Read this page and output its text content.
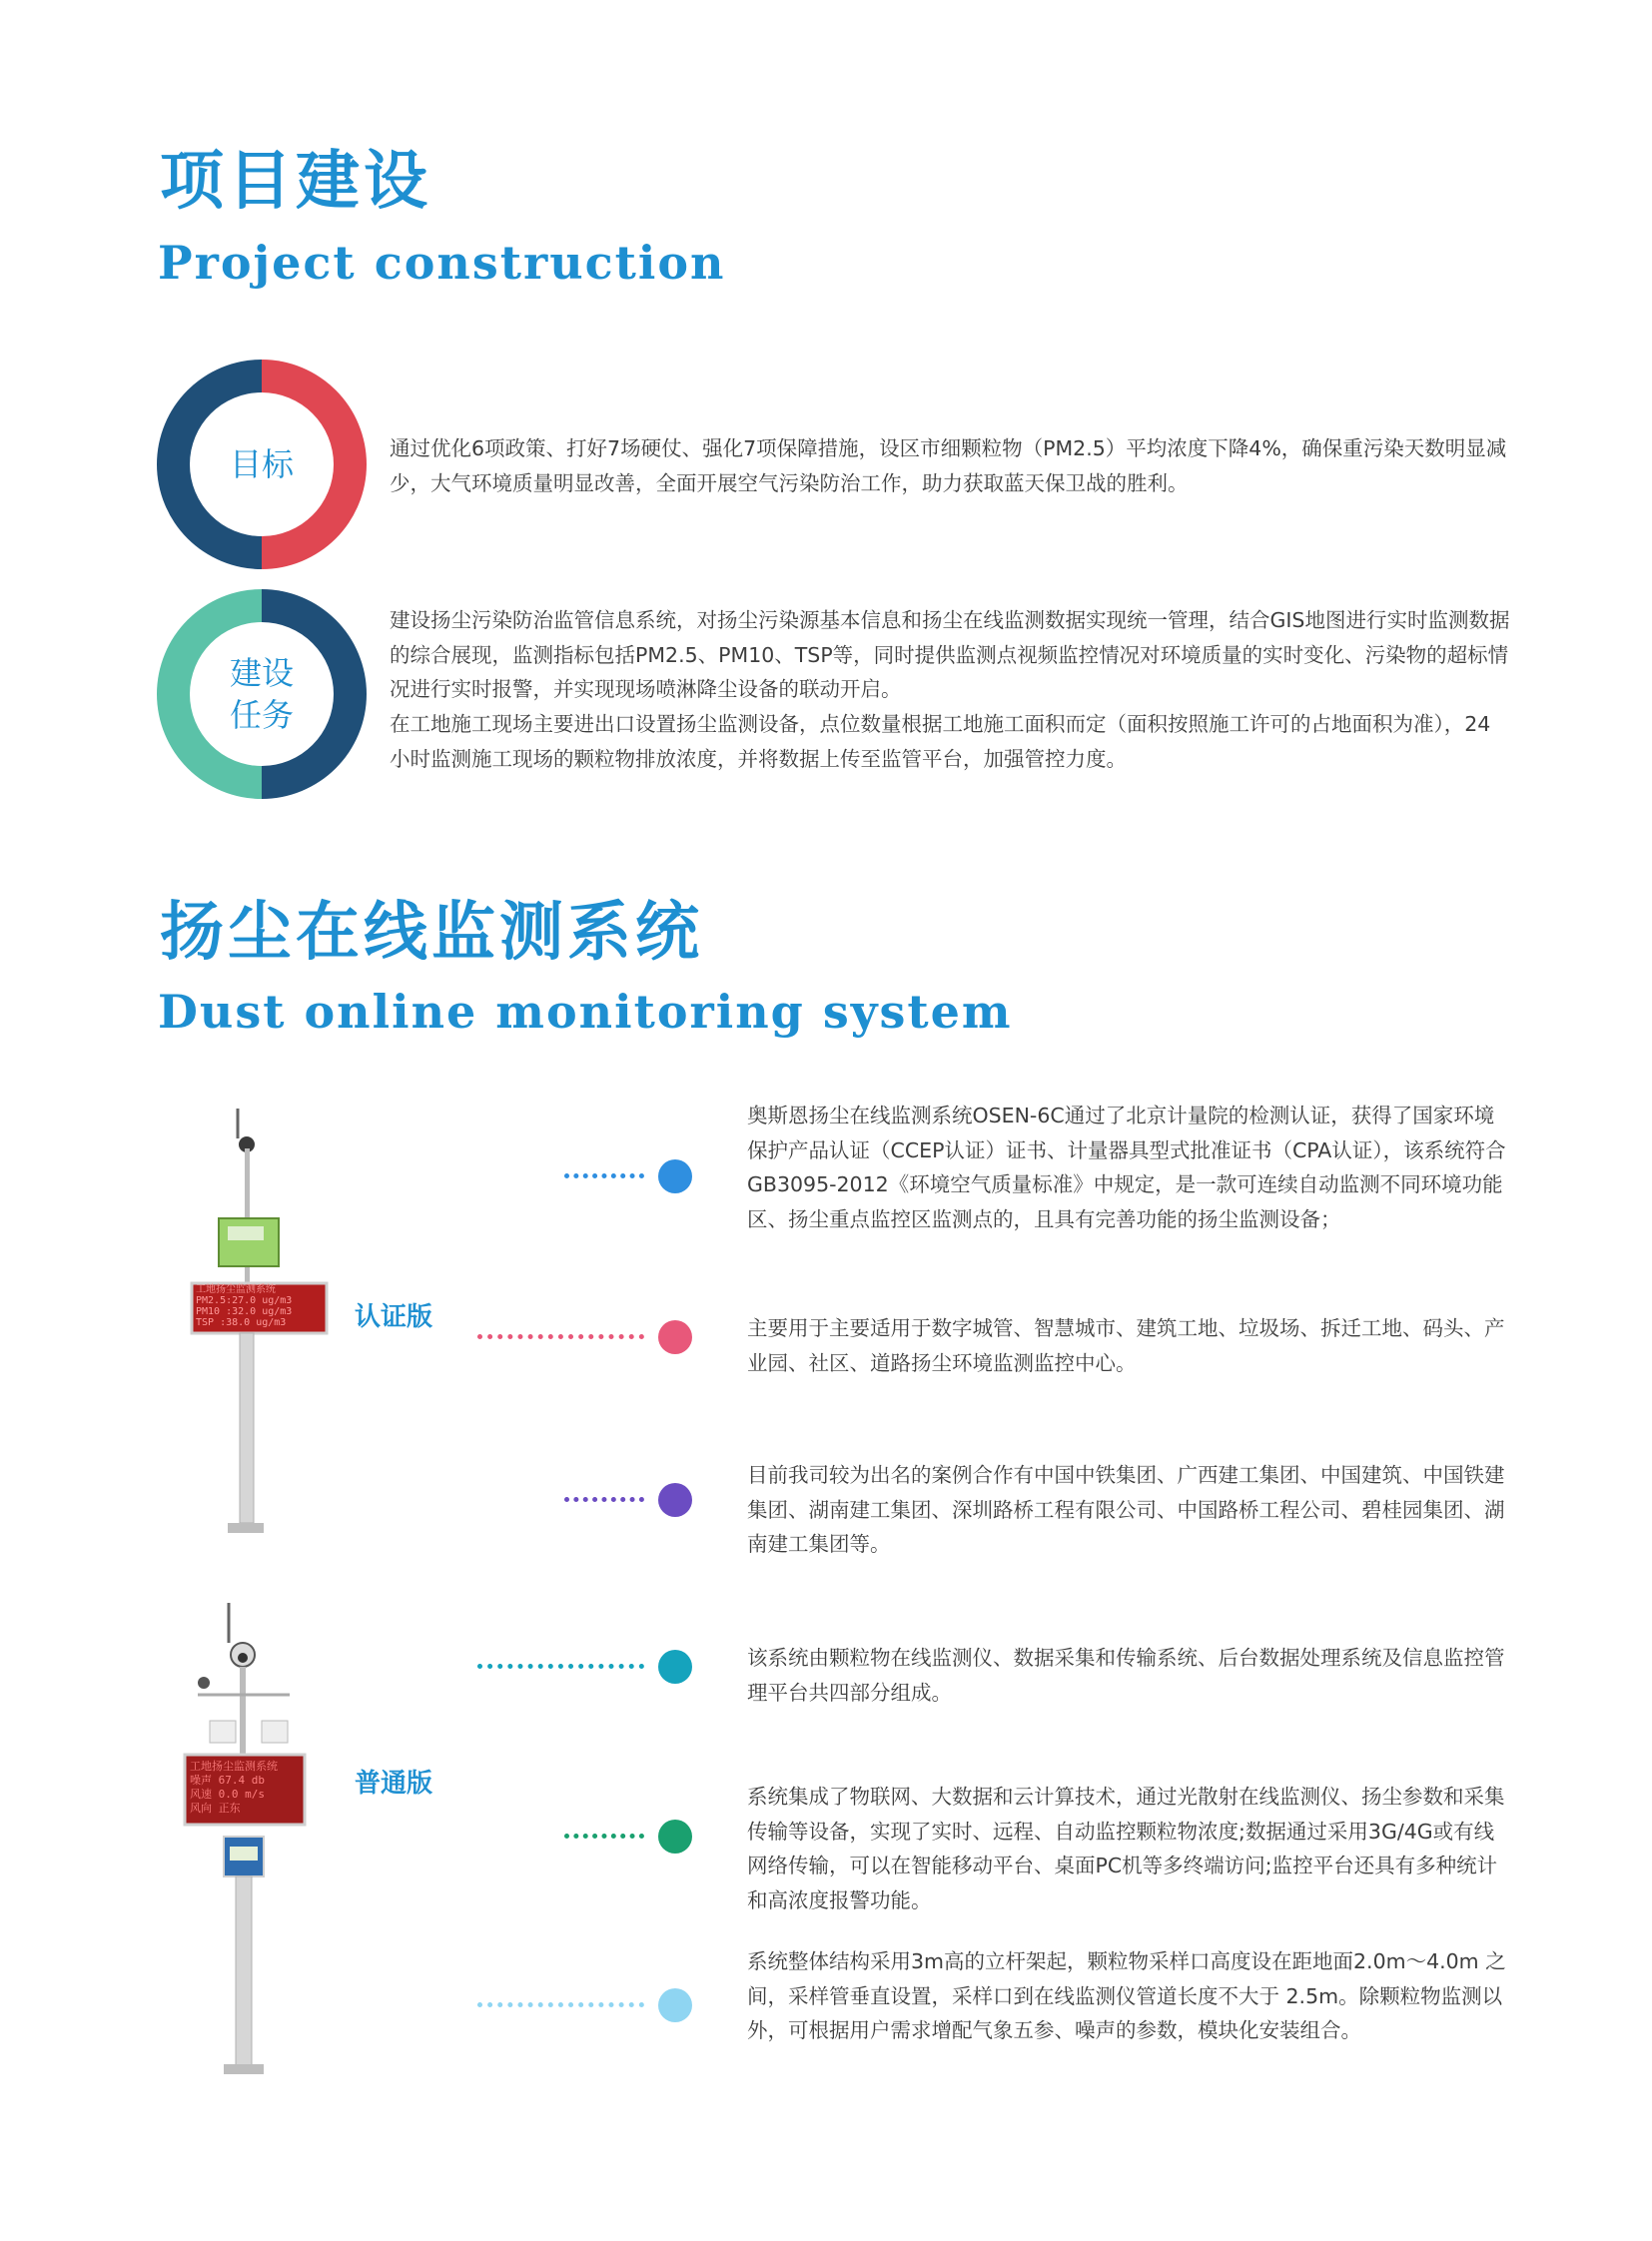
项目建设
Project construction
目标	通过优化6项政策、打好7场硬仗、强化7项保障措施，设区市细颗粒物（PM2.5）平均浓度下降4%，确保重污染天数明显减少，大气环境质量明显改善，全面开展空气污染防治工作，助力获取蓝天保卫战的胜利。

建设
任务

建设扬尘污染防治监管信息系统，对扬尘污染源基本信息和扬尘在线监测数据实现统一管理，结合GIS地图进行实时监测数据的综合展现，监测指标包括PM2.5、PM10、TSP等，同时提供监测点视频监控情况对环境质量的实时变化、污染物的超标情况进行实时报警，并实现现场喷淋降尘设备的联动开启。

在工地施工现场主要进出口设置扬尘监测设备，点位数量根据工地施工面积而定（面积按照施工许可的占地面积为准），24小时监测施工现场的颗粒物排放浓度，并将数据上传至监管平台，加强管控力度。

扬尘在线监测系统
Dust online monitoring system
工地扬尘监测系统
PM2.5:27.0 ug/m3
PM10 :32.0 ug/m3
TSP :38.0 ug/m3	认证版
工地扬尘监测系统
噪声 67.4 db
风速 0.0 m/s
风向 正东
普通版

奥斯恩扬尘在线监测系统OSEN-6C通过了北京计量院的检测认证，获得了国家环境保护产品认证（CCEP认证）证书、计量器具型式批准证书（CPA认证），该系统符合GB3095-2012《环境空气质量标准》中规定，是一款可连续自动监测不同环境功能区、扬尘重点监控区监测点的，且具有完善功能的扬尘监测设备；

主要用于主要适用于数字城管、智慧城市、建筑工地、垃圾场、拆迁工地、码头、产业园、社区、道路扬尘环境监测监控中心。

目前我司较为出名的案例合作有中国中铁集团、广西建工集团、中国建筑、中国铁建集团、湖南建工集团、深圳路桥工程有限公司、中国路桥工程公司、碧桂园集团、湖南建工集团等。

该系统由颗粒物在线监测仪、数据采集和传输系统、后台数据处理系统及信息监控管理平台共四部分组成。

系统集成了物联网、大数据和云计算技术，通过光散射在线监测仪、扬尘参数和采集传输等设备，实现了实时、远程、自动监控颗粒物浓度;数据通过采用3G/4G或有线网络传输，可以在智能移动平台、桌面PC机等多终端访问;监控平台还具有多种统计和高浓度报警功能。

系统整体结构采用3m高的立杆架起，颗粒物采样口高度设在距地面2.0m～4.0m 之间，采样管垂直设置，采样口到在线监测仪管道长度不大于 2.5m。除颗粒物监测以外，可根据用户需求增配气象五参、噪声的参数，模块化安装组合。
